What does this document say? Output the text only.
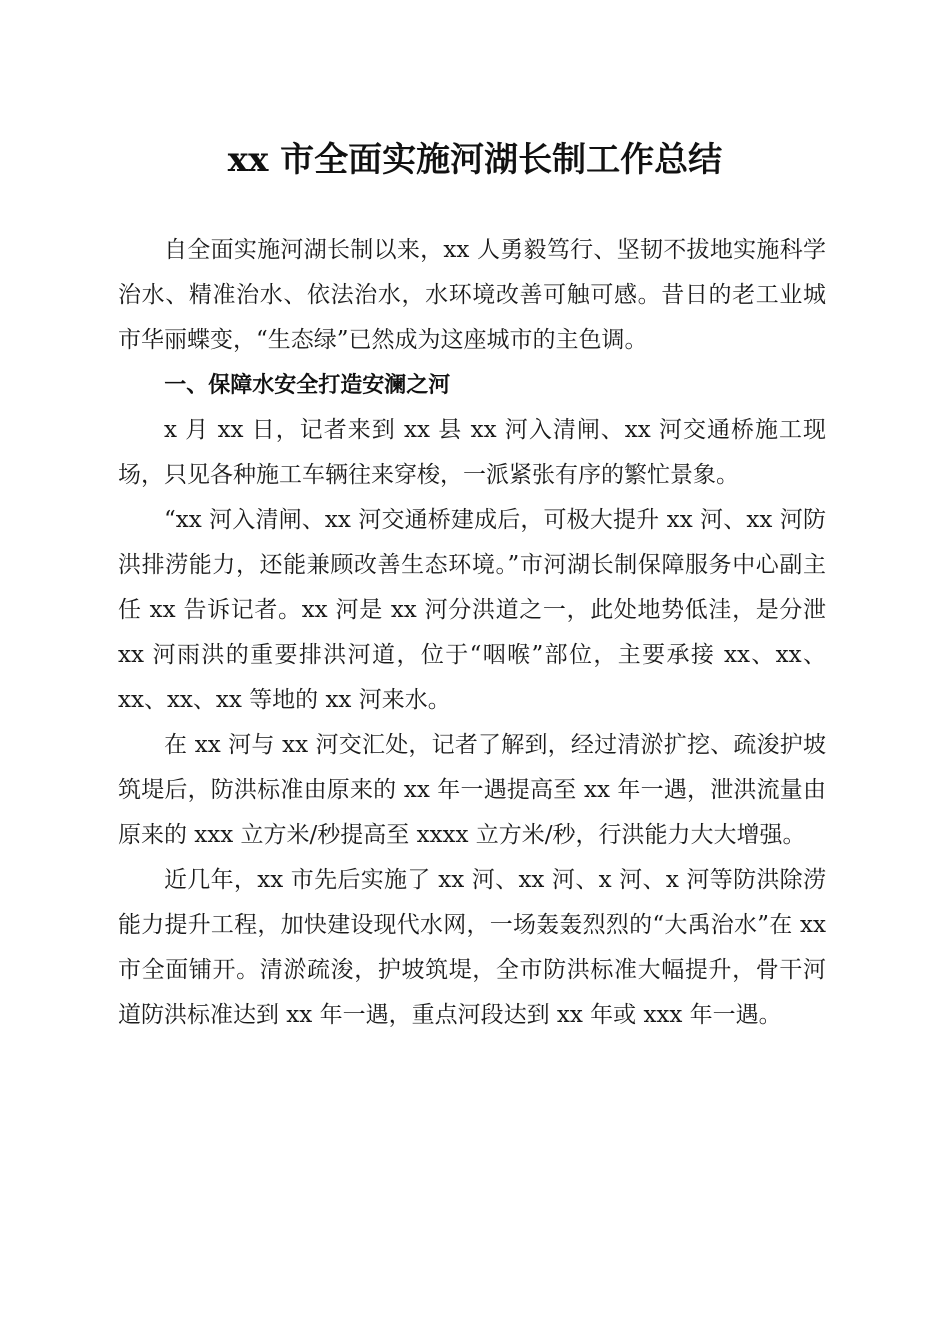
xx 市全面实施河湖长制工作总结

自全面实施河湖长制以来，xx 人勇毅笃行、坚韧不拔地实施科学治水、精准治水、依法治水，水环境改善可触可感。昔日的老工业城市华丽蝶变，“生态绿”已然成为这座城市的主色调。

一、保障水安全打造安澜之河

x 月 xx 日，记者来到 xx 县 xx 河入清闸、xx 河交通桥施工现场，只见各种施工车辆往来穿梭，一派紧张有序的繁忙景象。

“xx 河入清闸、xx 河交通桥建成后，可极大提升 xx 河、xx 河防洪排涝能力，还能兼顾改善生态环境。”市河湖长制保障服务中心副主任 xx 告诉记者。xx 河是 xx 河分洪道之一，此处地势低洼，是分泄 xx 河雨洪的重要排洪河道，位于“咽喉”部位，主要承接 xx、xx、xx、xx、xx 等地的 xx 河来水。

在 xx 河与 xx 河交汇处，记者了解到，经过清淤扩挖、疏浚护坡筑堤后，防洪标准由原来的 xx 年一遇提高至 xx 年一遇，泄洪流量由原来的 xxx 立方米/秒提高至 xxxx 立方米/秒，行洪能力大大增强。

近几年，xx 市先后实施了 xx 河、xx 河、x 河、x 河等防洪除涝能力提升工程，加快建设现代水网，一场轰轰烈烈的“大禹治水”在 xx 市全面铺开。清淤疏浚，护坡筑堤，全市防洪标准大幅提升，骨干河道防洪标准达到 xx 年一遇，重点河段达到 xx 年或 xxx 年一遇。
